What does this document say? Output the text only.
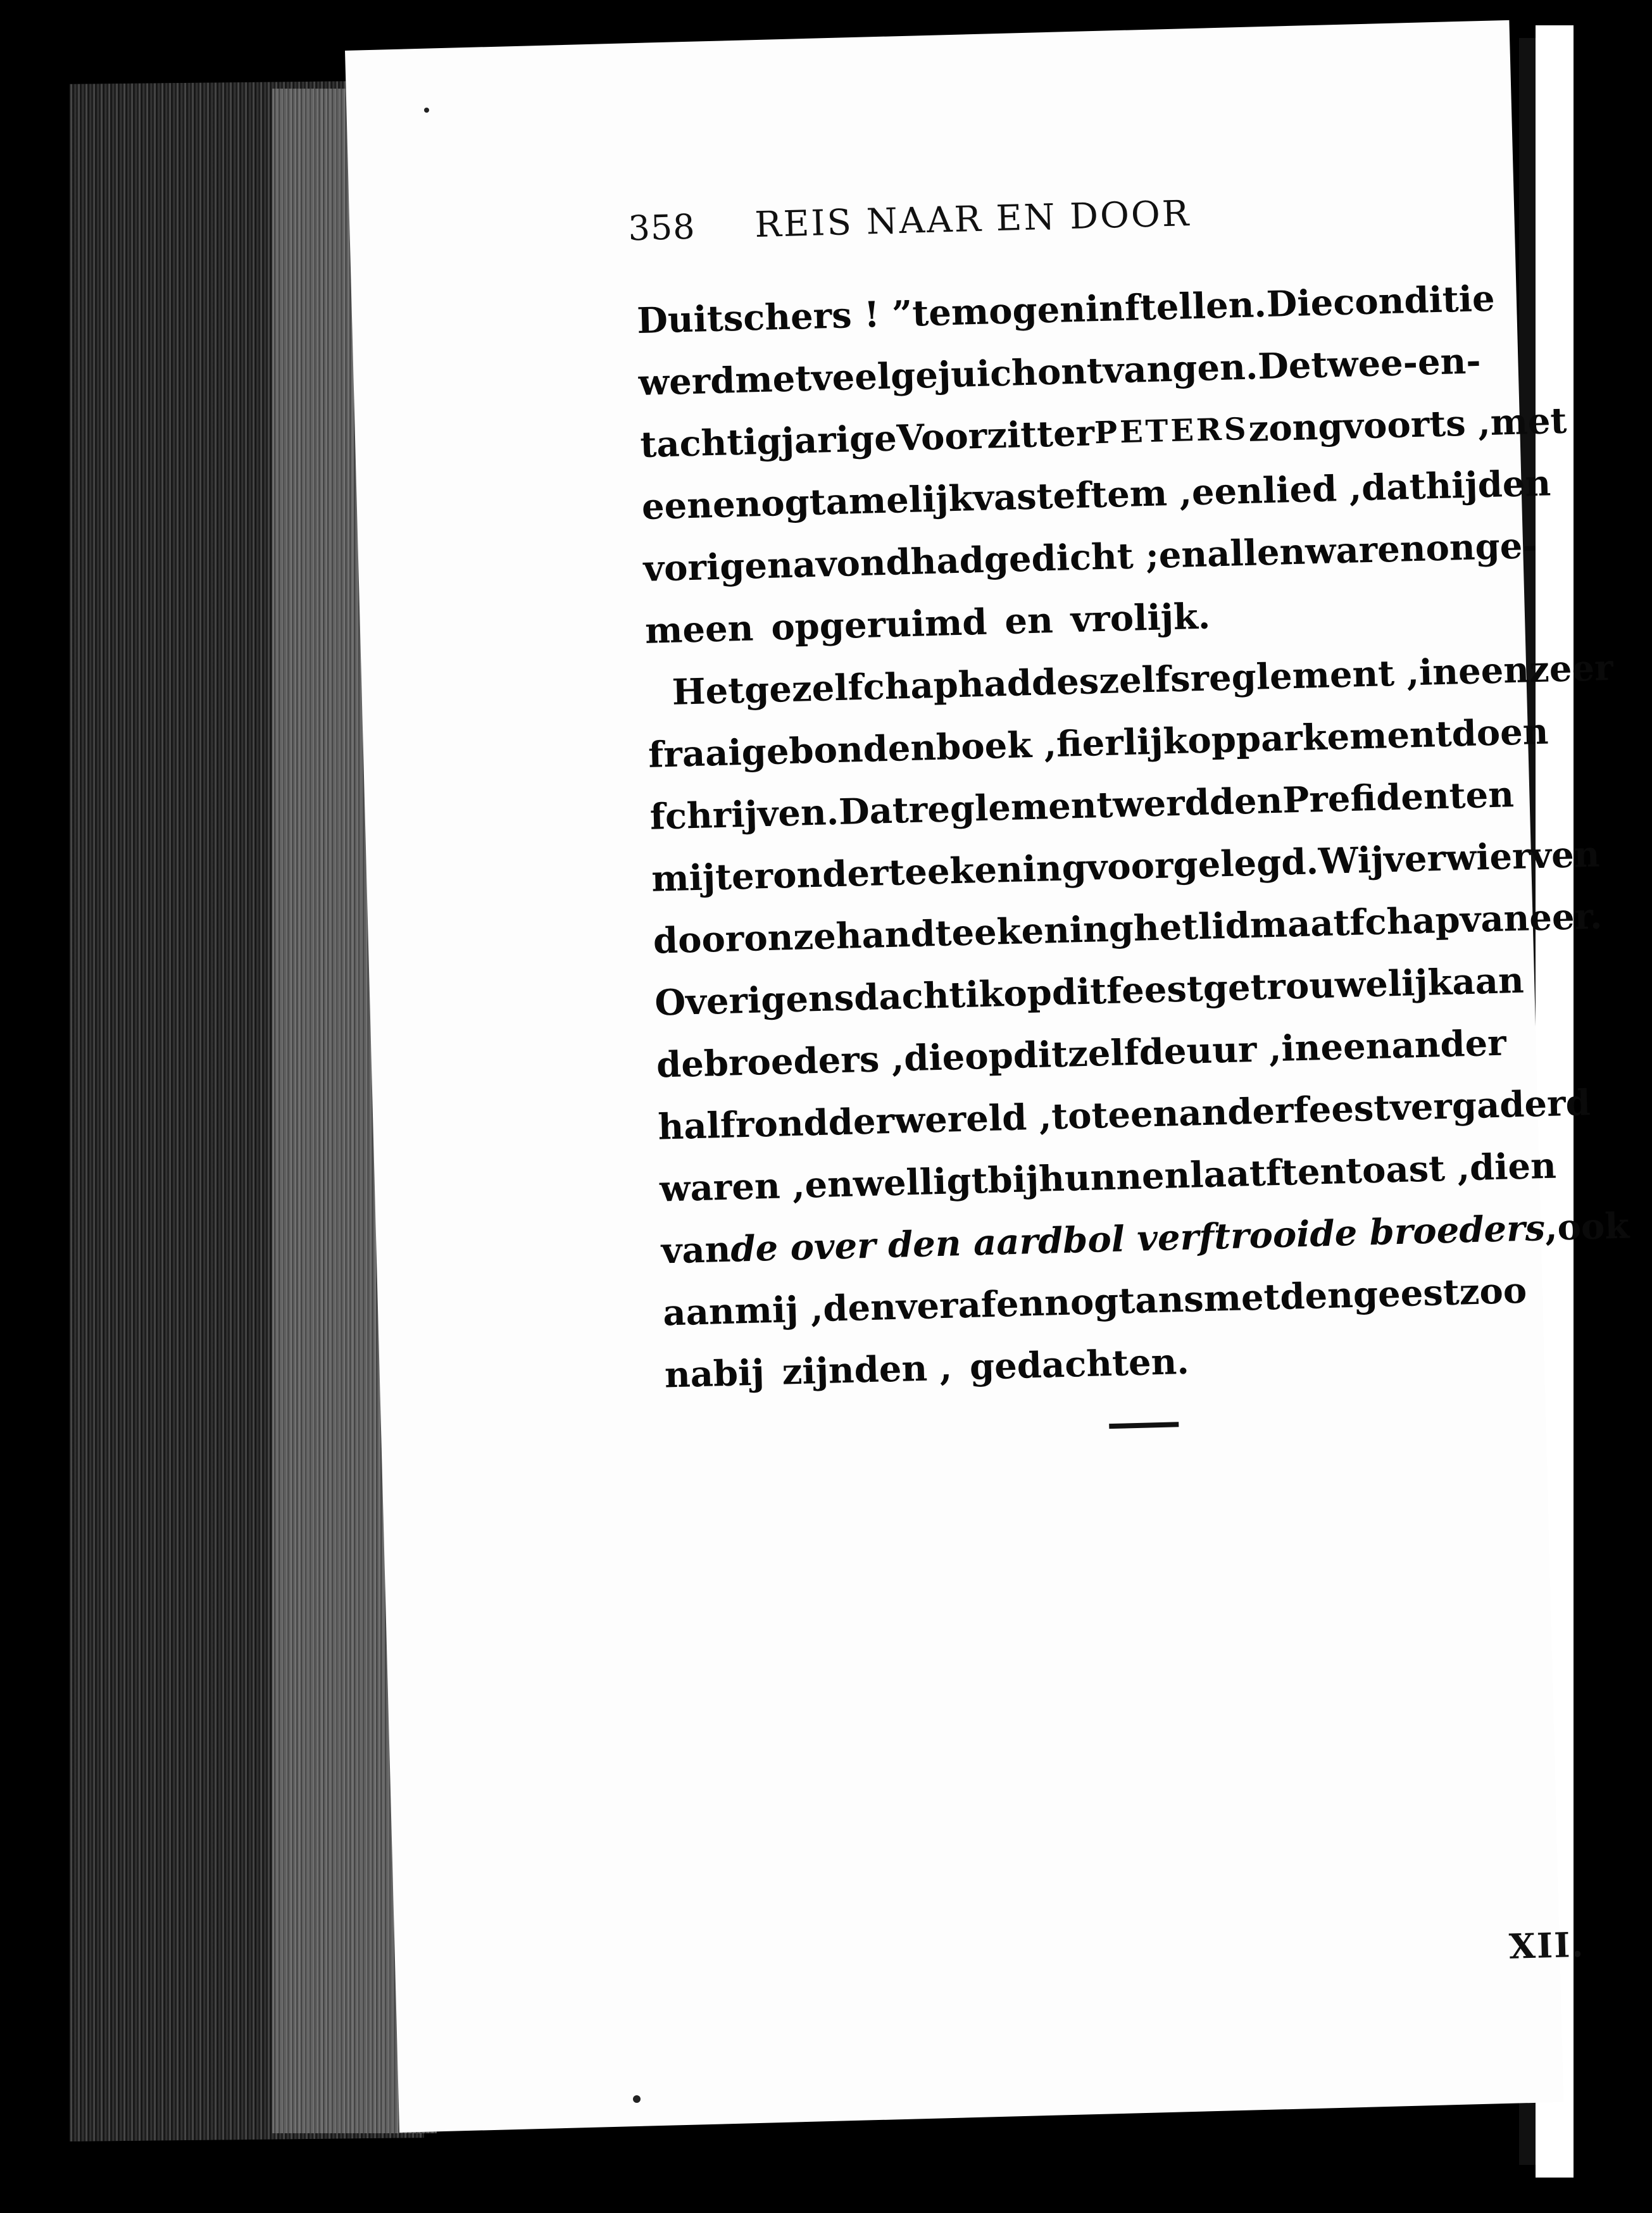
358	REIS NAAR EN DOOR
Duitschers ! ”
te
mogen
inftellen.
Die
conditie
werd
met
veel
gejuich
ontvangen.
De
twee-en-
tachtigjarige
Voorzitter
PETERS
zong
voorts ,
met
eene
nog
tamelijk
vaste
ftem ,
een
lied ,
dat
hij
den
vorigen
avond
had
gedicht ;
en
allen
waren
onge-
meen opgeruimd en vrolijk.
Het
gezelfchap
had
deszelfs
reglement ,
in
een
zeer
fraai
gebonden
boek ,
fierlijk
op
parkement
doen
fchrijven.
Dat
reglement
werd
den
Prefident
en
mij
ter
onderteekening
voorgelegd.
Wij
verwierven
door
onze
handteekening
het
lidmaatfchap
van
eer.
Overigens
dacht
ik
op
dit
feest
getrouwelijk
aan
de
broeders ,
die
op
ditzelfde
uur ,
in
een
ander
halfrond
der
wereld ,
tot
een
ander
feest
vergaderd
waren ,
en
welligt
bij
hunnen
laatften
toast ,
dien
van
de over den aardbol verftrooide broeders
,
ook
aan
mij ,
den
veraf
en
nogtans
met
den
geest
zoo
nabij zijnden , gedachten.
XII.
